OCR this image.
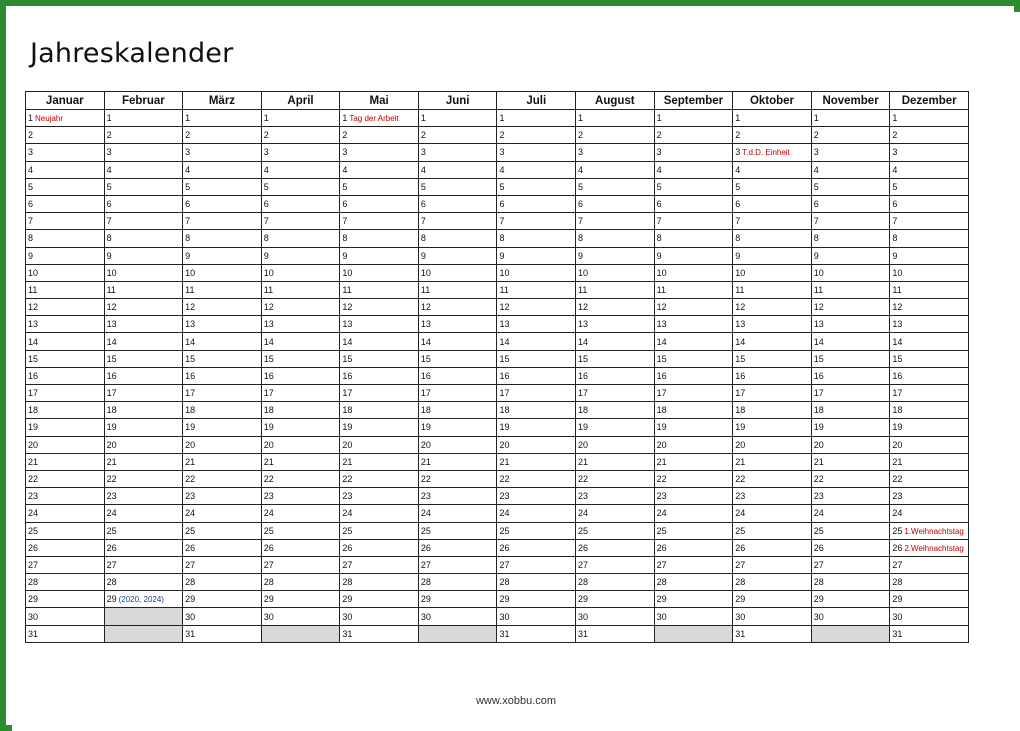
Jahreskalender
Januar	Februar	März	April	Mai	Juni	Juli	August	September	Oktober	November	Dezember
1 Neujahr	1	1	1	1 Tag der Arbeit	1	1	1	1	1	1	1
2	2	2	2	2	2	2	2	2	2	2	2
3	3	3	3	3	3	3	3	3	3 T.d.D. Einheit	3	3
4	4	4	4	4	4	4	4	4	4	4	4
5	5	5	5	5	5	5	5	5	5	5	5
6	6	6	6	6	6	6	6	6	6	6	6
7	7	7	7	7	7	7	7	7	7	7	7
8	8	8	8	8	8	8	8	8	8	8	8
9	9	9	9	9	9	9	9	9	9	9	9
10	10	10	10	10	10	10	10	10	10	10	10
11	11	11	11	11	11	11	11	11	11	11	11
12	12	12	12	12	12	12	12	12	12	12	12
13	13	13	13	13	13	13	13	13	13	13	13
14	14	14	14	14	14	14	14	14	14	14	14
15	15	15	15	15	15	15	15	15	15	15	15
16	16	16	16	16	16	16	16	16	16	16	16
17	17	17	17	17	17	17	17	17	17	17	17
18	18	18	18	18	18	18	18	18	18	18	18
19	19	19	19	19	19	19	19	19	19	19	19
20	20	20	20	20	20	20	20	20	20	20	20
21	21	21	21	21	21	21	21	21	21	21	21
22	22	22	22	22	22	22	22	22	22	22	22
23	23	23	23	23	23	23	23	23	23	23	23
24	24	24	24	24	24	24	24	24	24	24	24
25	25	25	25	25	25	25	25	25	25	25	25 1.Weihnachtstag
26	26	26	26	26	26	26	26	26	26	26	26 2.Weihnachtstag
27	27	27	27	27	27	27	27	27	27	27	27
28	28	28	28	28	28	28	28	28	28	28	28
29	29 (2020, 2024)	29	29	29	29	29	29	29	29	29	29
30		30	30	30	30	30	30	30	30	30	30
31		31		31		31	31		31		31
www.xobbu.com
